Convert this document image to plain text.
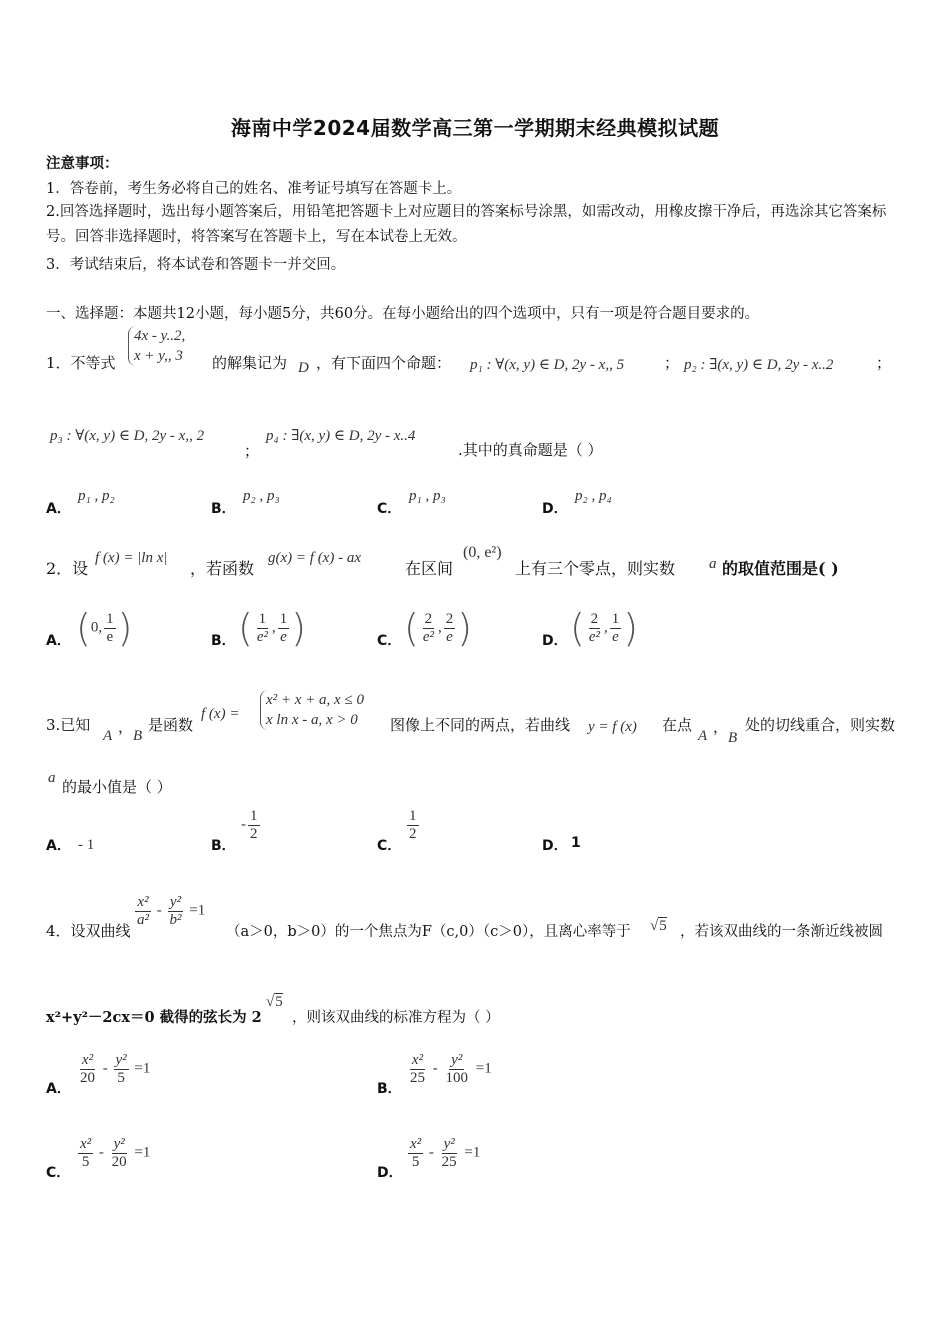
海南中学2024届数学高三第一学期期末经典模拟试题
注意事项：
1．答卷前，考生务必将自己的姓名、准考证号填写在答题卡上。
2.回答选择题时，选出每小题答案后，用铅笔把答题卡上对应题目的答案标号涂黑，如需改动，用橡皮擦干净后，再选涂其它答案标号。回答非选择题时，将答案写在答题卡上，写在本试卷上无效。
3．考试结束后，将本试卷和答题卡一并交回。
一、选择题：本题共12小题，每小题5分，共60分。在每小题给出的四个选项中，只有一项是符合题目要求的。
1．不等式
4x - y..2,
x + y,, 3 的解集记为 D ，有下面四个命题： p₁ : ∀(x, y) ∈ D, 2y - x,, 5	； p₂ : ∃(x, y) ∈ D, 2y - x..2	；
p₃ : ∀(x, y) ∈ D, 2y - x,, 2
；
p₄ : ∃(x, y) ∈ D, 2y - x..4
.其中的真命题是（ ）
A．
p₁ , p₂
B．
p₂ , p₃
C．
p₁ , p₃
D．
p₂ , p₄
2．设
f (x) = |ln x|
，若函数
g(x) = f (x) - ax
在区间
(0, e²)
上有三个零点，则实数 a 的取值范围是( )
A． (0, $\frac{1}{e}$ )	B． ( $\frac{1}{\text{e²}}$ , $\frac{1}{e}$ )	C． ( $\frac{2}{\text{e²}}$ , $\frac{2}{e}$ )	D． ( $\frac{2}{\text{e²}}$ , $\frac{1}{e}$ )
3.已知
A ， B
是函数
f (x) =
x² + x + a, x ≤ 0
x ln x - a, x > 0	图像上不同的两点，若曲线 y = f (x) 在点
A ，
B
处的切线重合，则实数
a 的最小值是（ ）
A． - 1	B．
- $\frac{1}{2}$
C．
$\frac{1}{2}$
D． 1
4．设双曲线
$\frac{\text{x²}}{\text{a²}} - \frac{\text{y²}}{\text{b²}} =1$
（a＞0，b＞0）的一个焦点为F（c,0）（c＞0），且离心率等于 √5 ，若该双曲线的一条渐近线被圆
x²+y²－2cx＝0 截得的弦长为 2
√5
，则该双曲线的标准方程为（ ）
A．
$\frac{\text{x²}}{20} - \frac{\text{y²}}{5} =1$
B．
$\frac{\text{x²}}{25} - \frac{\text{y²}}{100} =1$
C．
$\frac{\text{x²}}{5} - \frac{\text{y²}}{20} =1$
D．
$\frac{\text{x²}}{5} - \frac{\text{y²}}{25} =1$
